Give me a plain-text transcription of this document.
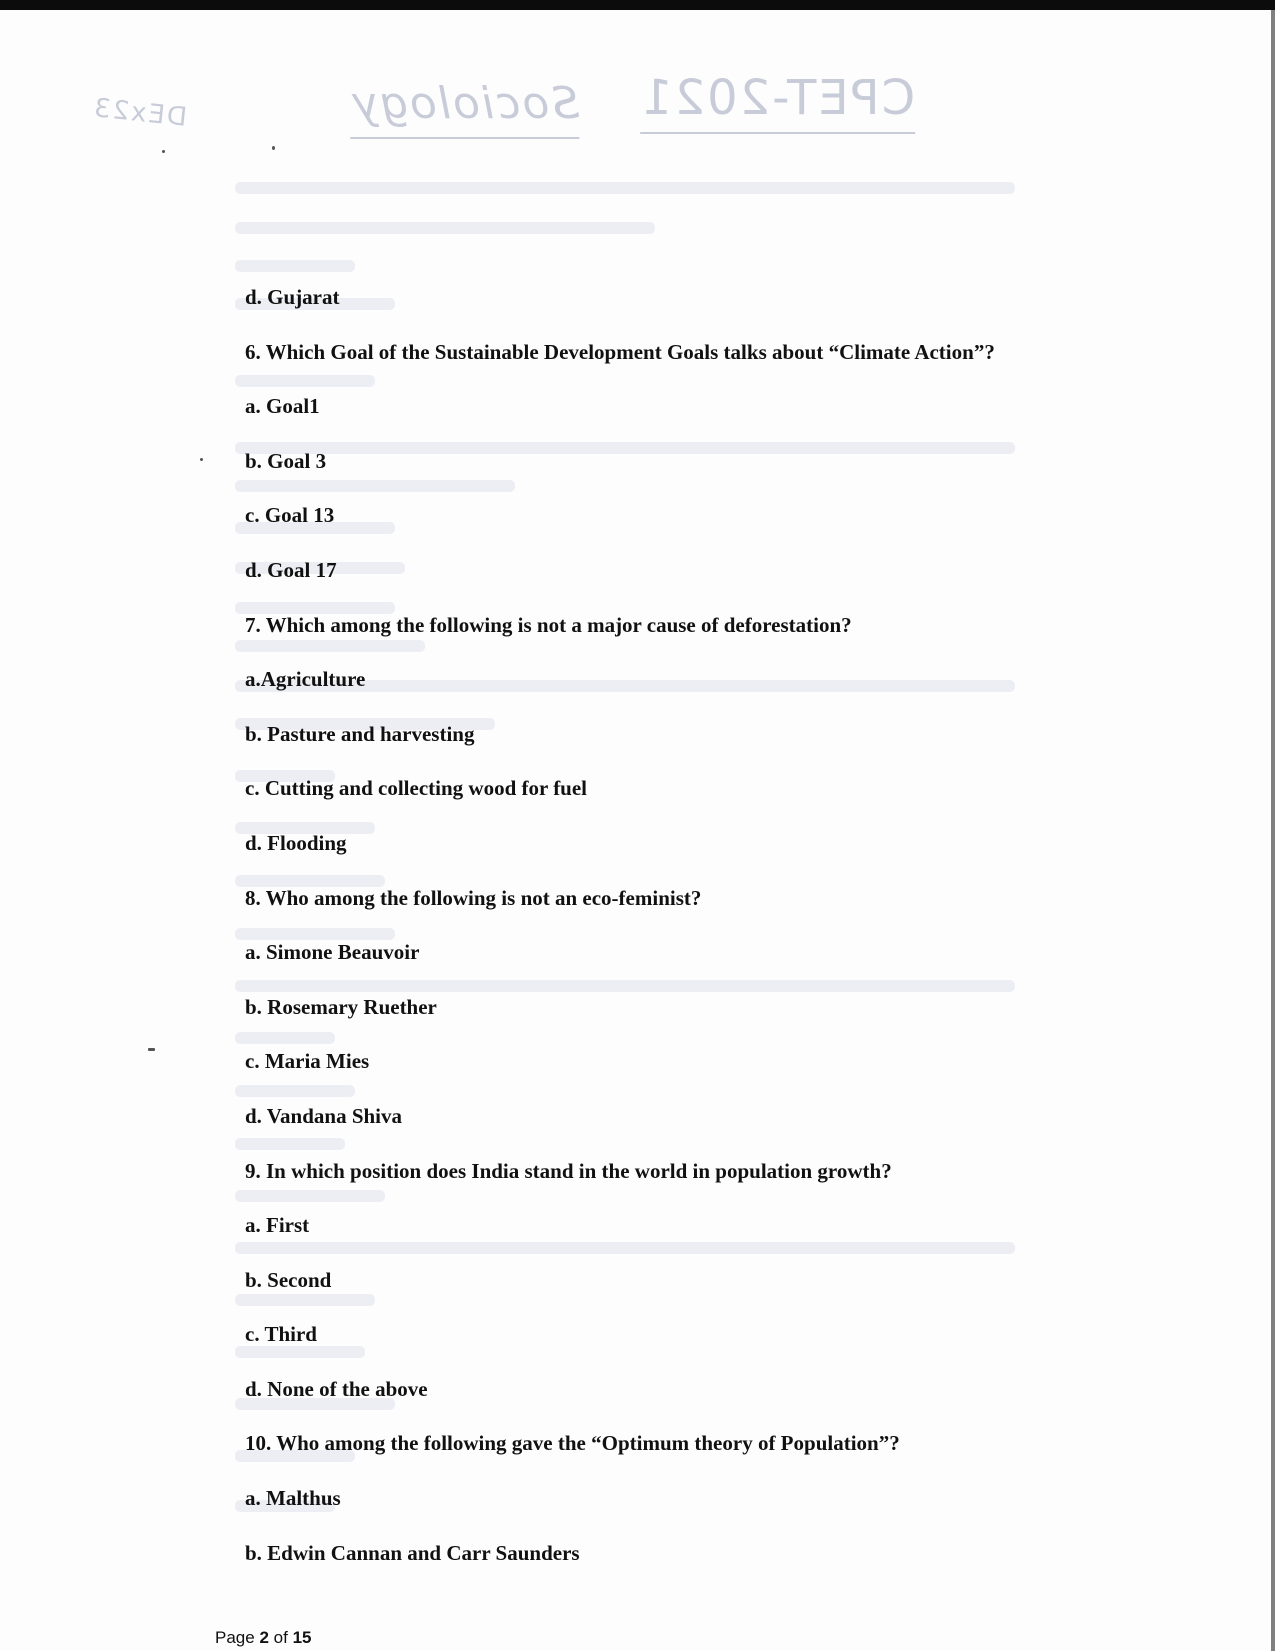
DEx23	Sociology CPET-2021
d. Gujarat
6. Which Goal of the Sustainable Development Goals talks about “Climate Action”?
a. Goal1
b. Goal 3
c. Goal 13
d. Goal 17
7. Which among the following is not a major cause of deforestation?
a.Agriculture
b. Pasture and harvesting
c. Cutting and collecting wood for fuel
d. Flooding
8. Who among the following is not an eco-feminist?
a. Simone Beauvoir
b. Rosemary Ruether
c. Maria Mies
d. Vandana Shiva
9. In which position does India stand in the world in population growth?
a. First
b. Second
c. Third
d. None of the above
10. Who among the following gave the “Optimum theory of Population”?
a. Malthus
b. Edwin Cannan and Carr Saunders
Page 2 of 15
